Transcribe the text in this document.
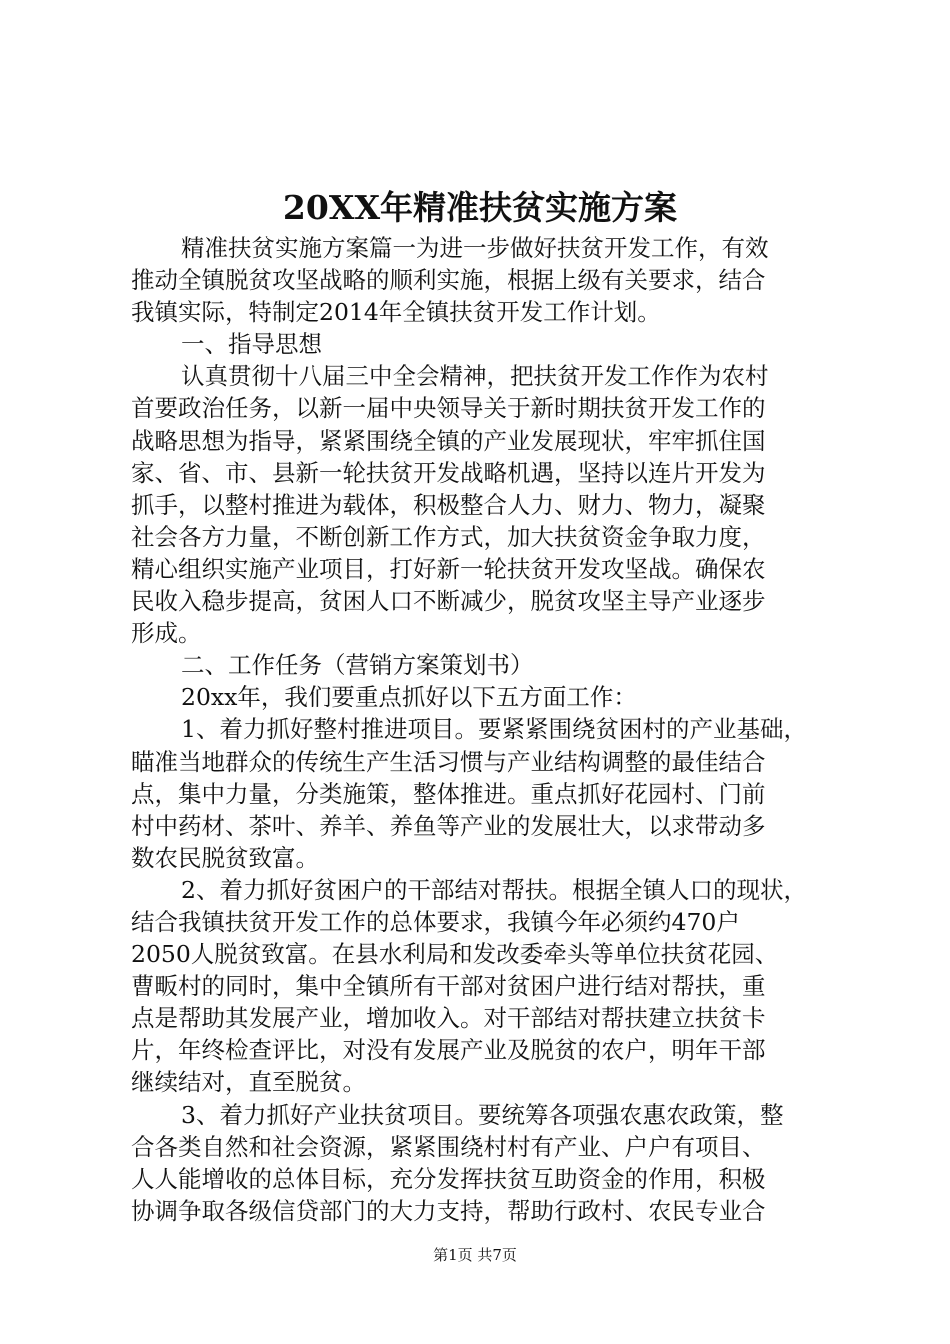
20XX年精准扶贫实施方案
精准扶贫实施方案篇一为进一步做好扶贫开发工作，有效
推动全镇脱贫攻坚战略的顺利实施，根据上级有关要求，结合
我镇实际，特制定2014年全镇扶贫开发工作计划。
一、指导思想
认真贯彻十八届三中全会精神，把扶贫开发工作作为农村
首要政治任务，以新一届中央领导关于新时期扶贫开发工作的
战略思想为指导，紧紧围绕全镇的产业发展现状，牢牢抓住国
家、省、市、县新一轮扶贫开发战略机遇，坚持以连片开发为
抓手，以整村推进为载体，积极整合人力、财力、物力，凝聚
社会各方力量，不断创新工作方式，加大扶贫资金争取力度，
精心组织实施产业项目，打好新一轮扶贫开发攻坚战。确保农
民收入稳步提高，贫困人口不断减少，脱贫攻坚主导产业逐步
形成。
二、工作任务（营销方案策划书）
20xx年，我们要重点抓好以下五方面工作：
1、着力抓好整村推进项目。要紧紧围绕贫困村的产业基础，
瞄准当地群众的传统生产生活习惯与产业结构调整的最佳结合
点，集中力量，分类施策，整体推进。重点抓好花园村、门前
村中药材、茶叶、养羊、养鱼等产业的发展壮大，以求带动多
数农民脱贫致富。
2、着力抓好贫困户的干部结对帮扶。根据全镇人口的现状，
结合我镇扶贫开发工作的总体要求，我镇今年必须约470户
2050人脱贫致富。在县水利局和发改委牵头等单位扶贫花园、
曹畈村的同时，集中全镇所有干部对贫困户进行结对帮扶，重
点是帮助其发展产业，增加收入。对干部结对帮扶建立扶贫卡
片，年终检查评比，对没有发展产业及脱贫的农户，明年干部
继续结对，直至脱贫。
3、着力抓好产业扶贫项目。要统筹各项强农惠农政策，整
合各类自然和社会资源，紧紧围绕村村有产业、户户有项目、
人人能增收的总体目标，充分发挥扶贫互助资金的作用，积极
协调争取各级信贷部门的大力支持，帮助行政村、农民专业合
第1页 共7页
